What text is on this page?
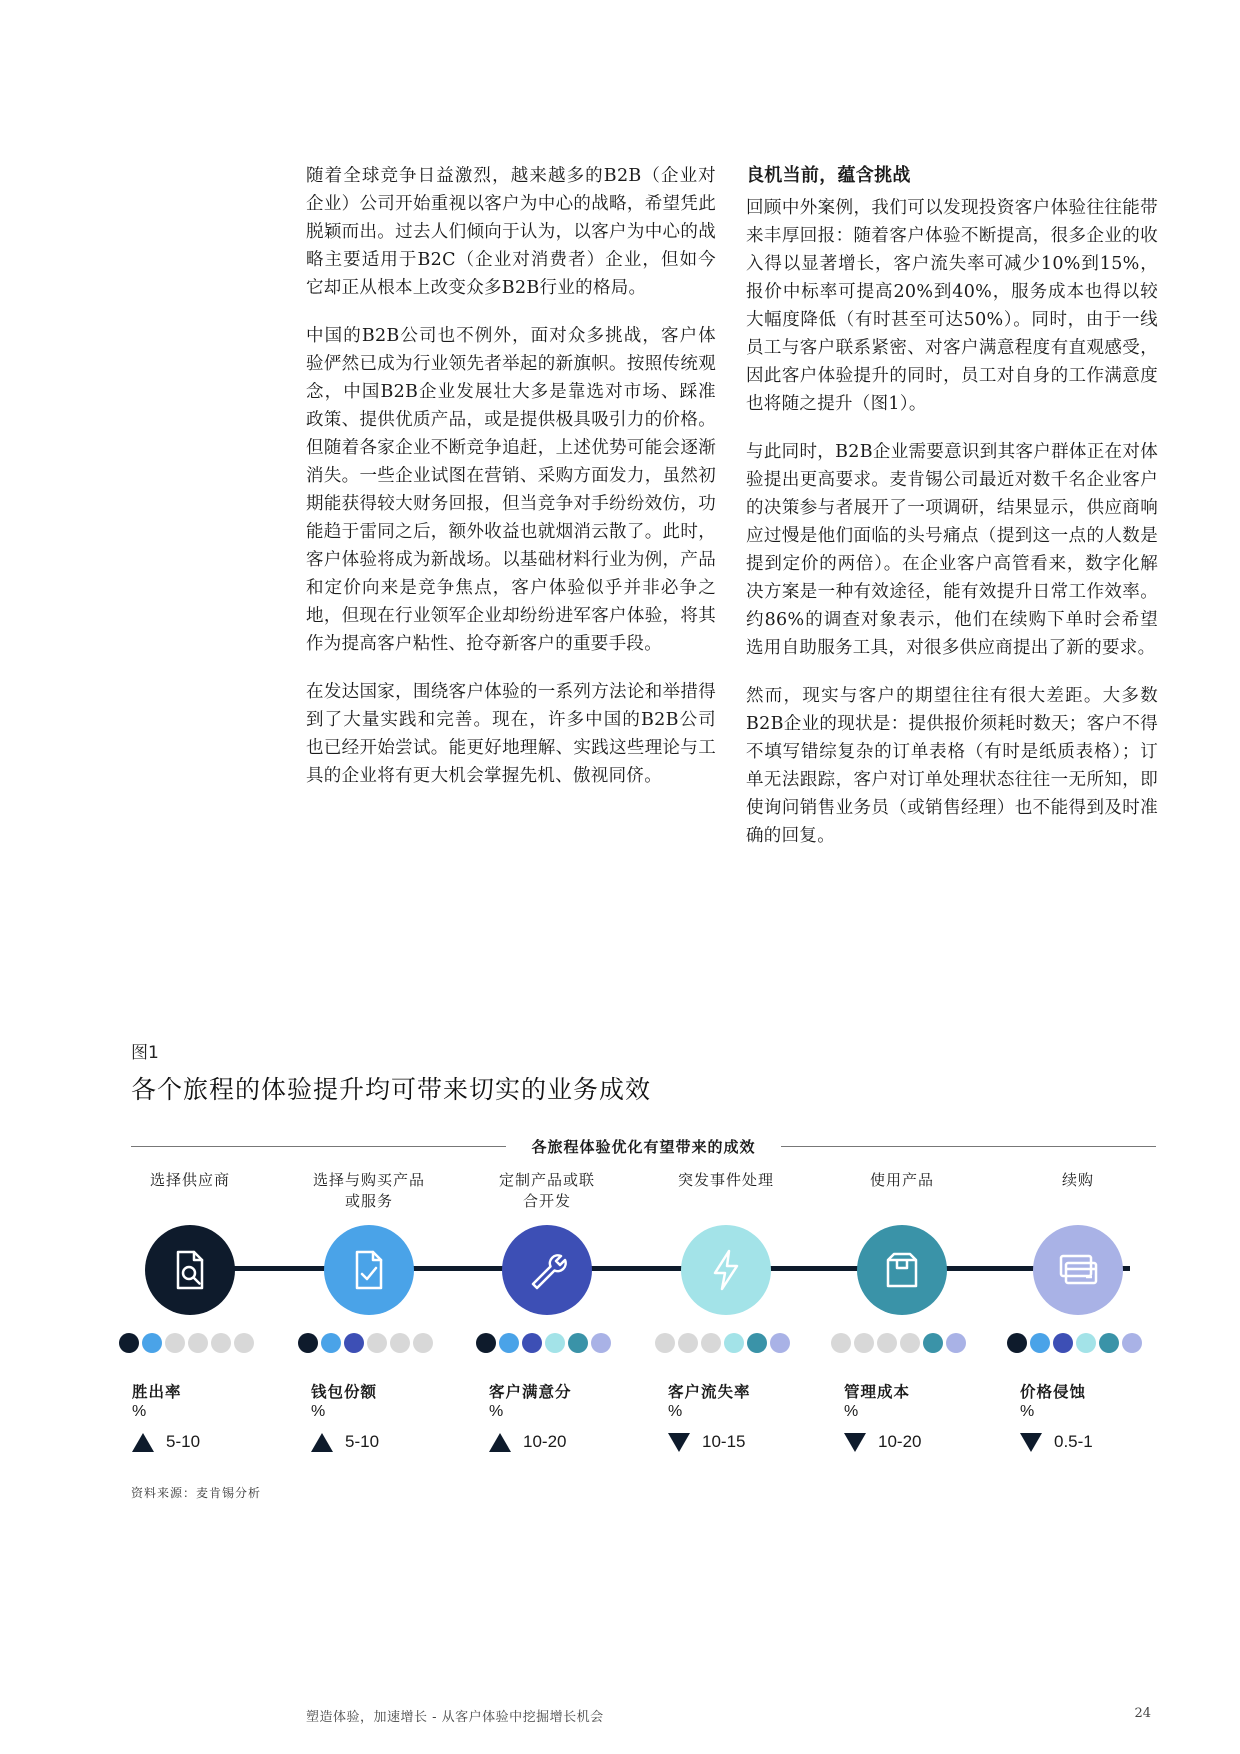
随着全球竞争日益激烈，越来越多的B2B（企业对企业）公司开始重视以客户为中心的战略，希望凭此脱颖而出。过去人们倾向于认为，以客户为中心的战略主要适用于B2C（企业对消费者）企业，但如今它却正从根本上改变众多B2B行业的格局。

中国的B2B公司也不例外，面对众多挑战，客户体验俨然已成为行业领先者举起的新旗帜。按照传统观念，中国B2B企业发展壮大多是靠选对市场、踩准政策、提供优质产品，或是提供极具吸引力的价格。但随着各家企业不断竞争追赶，上述优势可能会逐渐消失。一些企业试图在营销、采购方面发力，虽然初期能获得较大财务回报，但当竞争对手纷纷效仿，功能趋于雷同之后，额外收益也就烟消云散了。此时，客户体验将成为新战场。以基础材料行业为例，产品和定价向来是竞争焦点，客户体验似乎并非必争之地，但现在行业领军企业却纷纷进军客户体验，将其作为提高客户粘性、抢夺新客户的重要手段。

在发达国家，围绕客户体验的一系列方法论和举措得到了大量实践和完善。现在，许多中国的B2B公司也已经开始尝试。能更好地理解、实践这些理论与工具的企业将有更大机会掌握先机、傲视同侪。

良机当前，蕴含挑战

回顾中外案例，我们可以发现投资客户体验往往能带来丰厚回报：随着客户体验不断提高，很多企业的收入得以显著增长，客户流失率可减少10%到15%，报价中标率可提高20%到40%，服务成本也得以较大幅度降低（有时甚至可达50%）。同时，由于一线员工与客户联系紧密、对客户满意程度有直观感受，因此客户体验提升的同时，员工对自身的工作满意度也将随之提升（图1）。

与此同时，B2B企业需要意识到其客户群体正在对体验提出更高要求。麦肯锡公司最近对数千名企业客户的决策参与者展开了一项调研，结果显示，供应商响应过慢是他们面临的头号痛点（提到这一点的人数是提到定价的两倍）。在企业客户高管看来，数字化解决方案是一种有效途径，能有效提升日常工作效率。约86%的调查对象表示，他们在续购下单时会希望选用自助服务工具，对很多供应商提出了新的要求。

然而，现实与客户的期望往往有很大差距。大多数B2B企业的现状是：提供报价须耗时数天；客户不得不填写错综复杂的订单表格（有时是纸质表格）；订单无法跟踪，客户对订单处理状态往往一无所知，即使询问销售业务员（或销售经理）也不能得到及时准确的回复。

图1
各个旅程的体验提升均可带来切实的业务成效
各旅程体验优化有望带来的成效
选择供应商
胜出率
%
5-10
选择与购买产品
或服务
钱包份额
%
5-10
定制产品或联
合开发
客户满意分
%
10-20
突发事件处理
客户流失率
%
10-15
使用产品
管理成本
%
10-20
续购
价格侵蚀
%
0.5-1
资料来源：麦肯锡分析
塑造体验，加速增长 - 从客户体验中挖掘增长机会	24
